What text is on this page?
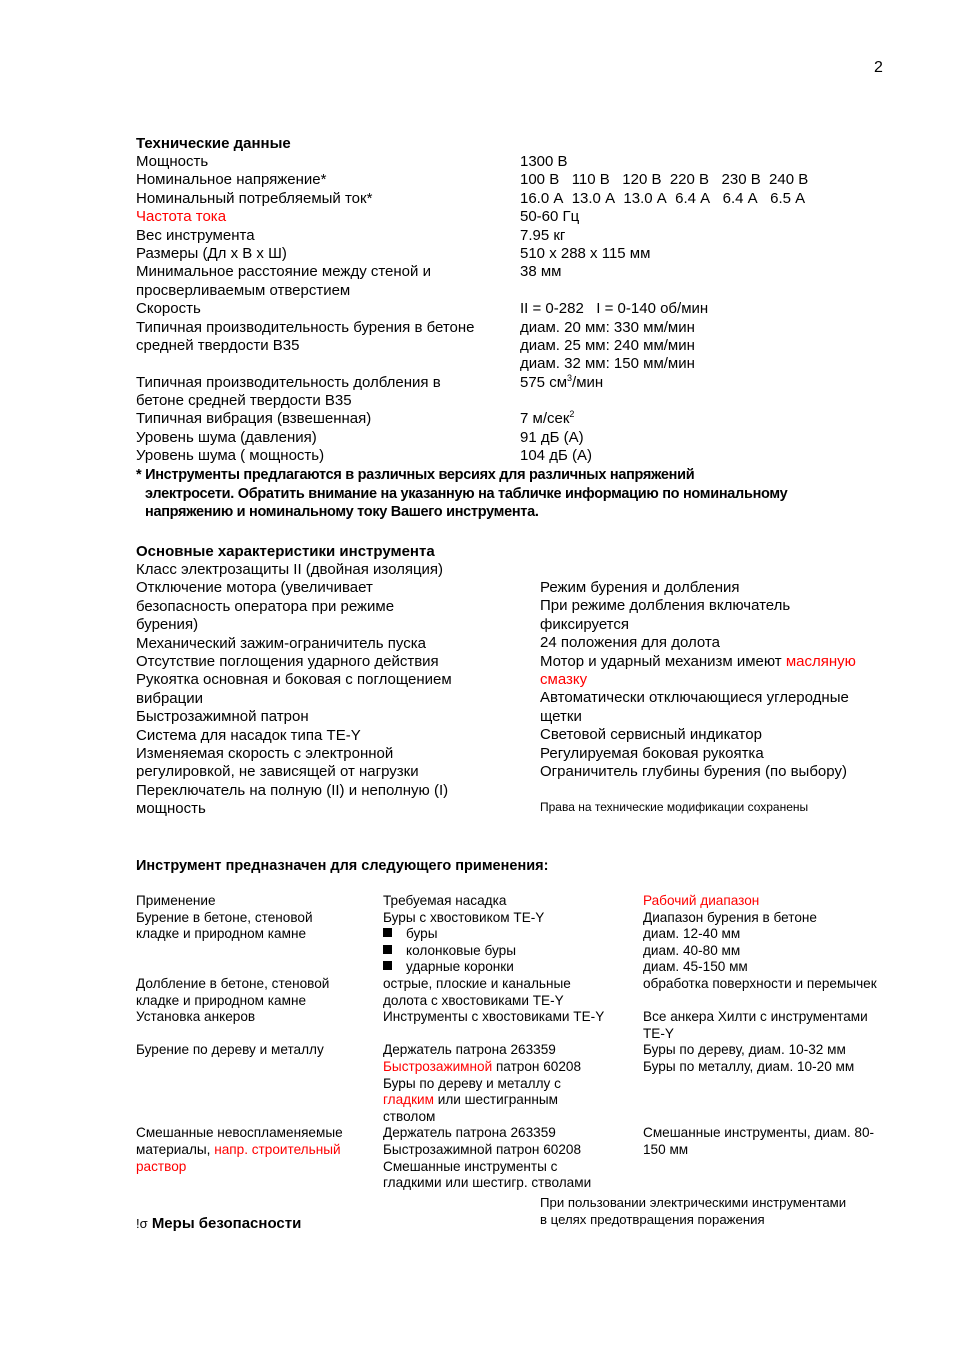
2
Технические данные
Мощность
Номинальное напряжение*
Номинальный потребляемый ток*
Частота тока
Вес инструмента
Размеры (Дл x В x Ш)
Минимальное расстояние между стеной и
просверливаемым отверстием
Скорость
Типичная производительность бурения в бетоне
средней твердости B35
Типичная производительность долбления в
бетоне средней твердости B35
Типичная вибрация (взвешенная)
Уровень шума (давления)
Уровень шума ( мощность)
1300 В
100 В   110 В   120 В  220 В   230 В  240 В
16.0 А  13.0 А  13.0 А  6.4 А   6.4 А   6.5 А
50-60 Гц
7.95 кг
510 x 288 x 115 мм
38 мм
II = 0-282   I = 0-140 об/мин
диам. 20 мм: 330 мм/мин
диам. 25 мм: 240 мм/мин
диам. 32 мм: 150 мм/мин
575 $см^3$/мин
7 м/сек$^2$
91 дБ (А)
104 дБ (А)
* Инструменты предлагаются в различных версиях для различных напряжений
электросети. Обратить внимание на указанную на табличке информацию по номинальному
напряжению и номинальному току Вашего инструмента.
Основные характеристики инструмента
Класс электрозащиты II (двойная изоляция)
Отключение мотора (увеличивает
безопасность оператора при режиме
бурения)
Механический зажим-ограничитель пуска
Отсутствие поглощения ударного действия
Рукоятка основная и боковая с поглощением
вибрации
Быстрозажимной патрон
Система для насадок типа TE-Y
Изменяемая скорость с электронной
регулировкой, не зависящей от нагрузки
Переключатель на полную (II) и неполную (I)
мощность
Режим бурения и долбления
При режиме долбления включатель
фиксируется
24 положения для долота
Мотор и ударный механизм имеют масляную
смазку
Автоматически отключающиеся углеродные
щетки
Световой сервисный индикатор
Регулируемая боковая рукоятка
Ограничитель глубины бурения (по выбору)
Права на технические модификации сохранены
Инструмент предназначен для следующего применения:
Применение
Бурение в бетоне, стеновой
кладке и природном камне
Долбление в бетоне, стеновой
кладке и природном камне
Установка анкеров
Бурение по дереву и металлу
Смешанные невоспламеняемые
материалы, напр. строительный
раствор
Требуемая насадка
Буры с хвостовиком TE-Y
буры
колонковые буры
ударные коронки
острые, плоские и канальные
долота с хвостовиками TE-Y
Инструменты с хвостовиками TE-Y
Держатель патрона 263359
Быстрозажимной патрон 60208
Буры по дереву и металлу с
гладким или шестигранным
стволом
Держатель патрона 263359
Быстрозажимной патрон 60208
Смешанные инструменты с
гладкими или шестигр. стволами
Рабочий диапазон
Диапазон бурения в бетоне
диам. 12-40 мм
диам. 40-80 мм
диам. 45-150 мм
обработка поверхности и перемычек
Все анкера Хилти с инструментами
TE-Y
Буры по дереву, диам. 10-32 мм
Буры по металлу, диам. 10-20 мм
Смешанные инструменты, диам. 80-
150 мм
!σ Меры безопасности
При пользовании электрическими инструментами
в целях предотвращения поражения
